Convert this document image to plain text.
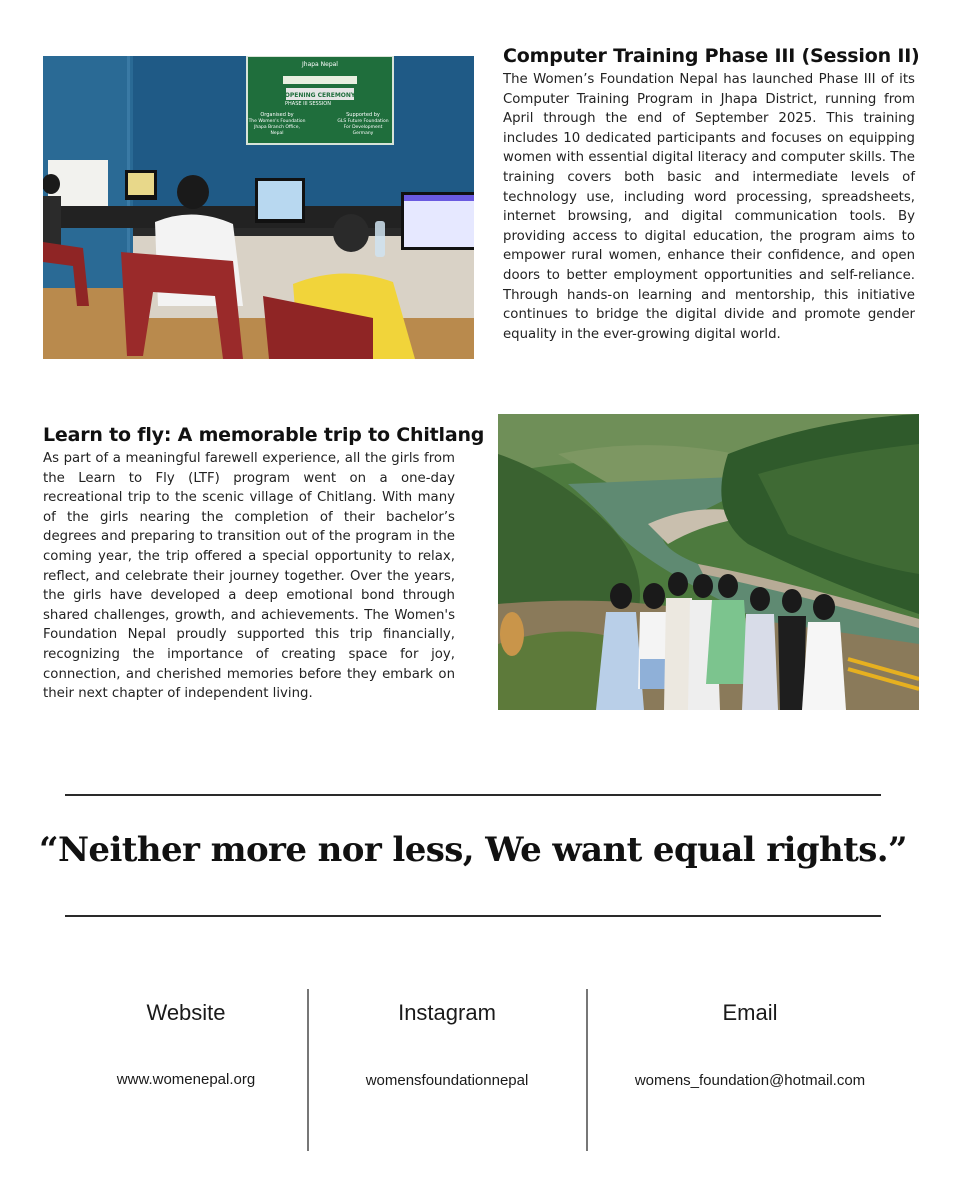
Jhapa Nepal
OPENING CEREMONY
PHASE III SESSION
Organised by
The Women's Foundation
Jhapa Branch Office,
Nepal
Supported by
GLS Future Foundation
For Development
Germany
Computer Training Phase III (Session II)

The Women’s Foundation Nepal has launched Phase III of its Computer Training Program in Jhapa District, running from April through the end of September 2025. This training includes 10 dedicated participants and focuses on equipping women with essential digital literacy and computer skills. The training covers both basic and intermediate levels of technology use, including word processing, spreadsheets, internet browsing, and digital communication tools. By providing access to digital education, the program aims to empower rural women, enhance their confidence, and open doors to better employment opportunities and self-reliance. Through hands-on learning and mentorship, this initiative continues to bridge the digital divide and promote gender equality in the ever-growing digital world.

Learn to fly: A memorable trip to Chitlang

As part of a meaningful farewell experience, all the girls from the Learn to Fly (LTF) program went on a one-day recreational trip to the scenic village of Chitlang. With many of the girls nearing the completion of their bachelor’s degrees and preparing to transition out of the program in the coming year, the trip offered a special opportunity to relax, reflect, and celebrate their journey together. Over the years, the girls have developed a deep emotional bond through shared challenges, growth, and achievements. The Women's Foundation Nepal proudly supported this trip financially, recognizing the importance of creating space for joy, connection, and cherished memories before they embark on their next chapter of independent living.

“Neither more nor less, We want equal rights.”
Website
www.womenepal.org
Instagram
womensfoundationnepal
Email
womens_foundation@hotmail.com
